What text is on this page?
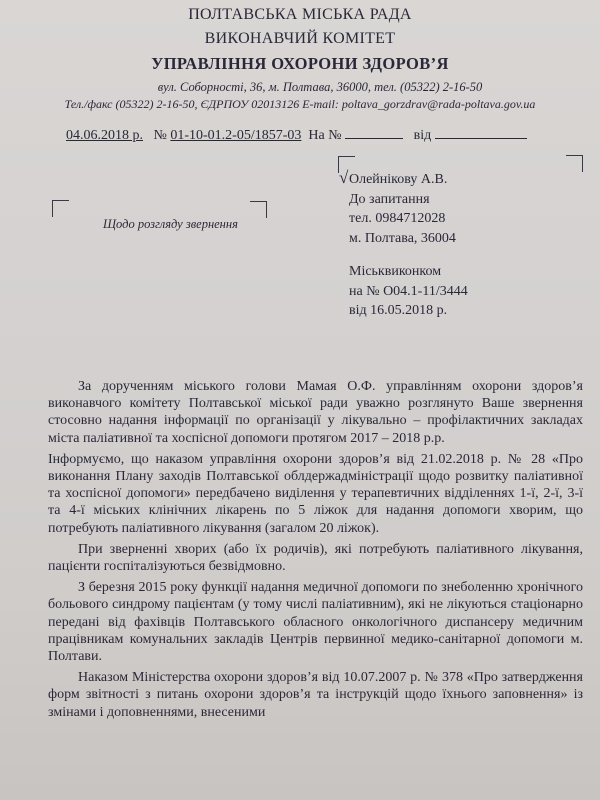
ПОЛТАВСЬКА МІСЬКА РАДА
ВИКОНАВЧИЙ КОМІТЕТ
УПРАВЛІННЯ ОХОРОНИ ЗДОРОВ’Я
вул. Соборності, 36, м. Полтава, 36000, тел. (05322) 2-16-50
Тел./факс (05322) 2-16-50, ЄДРПОУ 02013126 E-mail: poltava_gorzdrav@rada-poltava.gov.ua
04.06.2018 р. № 01-10-01.2-05/1857-03 На №	від
Щодо розгляду звернення
√ Олейнікову А.В.
До запитання
тел. 0984712028
м. Полтава, 36004
Міськвиконком
на № О04.1-11/3444
від 16.05.2018 р.

За дорученням міського голови Мамая О.Ф. управлінням охорони здоров’я виконавчого комітету Полтавської міської ради уважно розглянуто Ваше звернення стосовно надання інформації по організації у лікувально – профілактичних закладах міста паліативної та хоспісної допомоги протягом 2017 – 2018 р.р.

Інформуємо, що наказом управління охорони здоров’я від 21.02.2018 р. № 28 «Про виконання Плану заходів Полтавської облдержадміністрації щодо розвитку паліативної та хоспісної допомоги» передбачено виділення у терапевтичних відділеннях 1-ї, 2-ї, 3-ї та 4-ї міських клінічних лікарень по 5 ліжок для надання допомоги хворим, що потребують паліативного лікування (загалом 20 ліжок).

При зверненні хворих (або їх родичів), які потребують паліативного лікування, пацієнти госпіталізуються безвідмовно.

З березня 2015 року функції надання медичної допомоги по знеболенню хронічного больового синдрому пацієнтам (у тому числі паліативним), які не лікуються стаціонарно передані від фахівців Полтавського обласного онкологічного диспансеру медичним працівникам комунальних закладів Центрів первинної медико-санітарної допомоги м. Полтави.

Наказом Міністерства охорони здоров’я від 10.07.2007 р. № 378 «Про затвердження форм звітності з питань охорони здоров’я та інструкцій щодо їхнього заповнення» із змінами і доповненнями, внесеними
